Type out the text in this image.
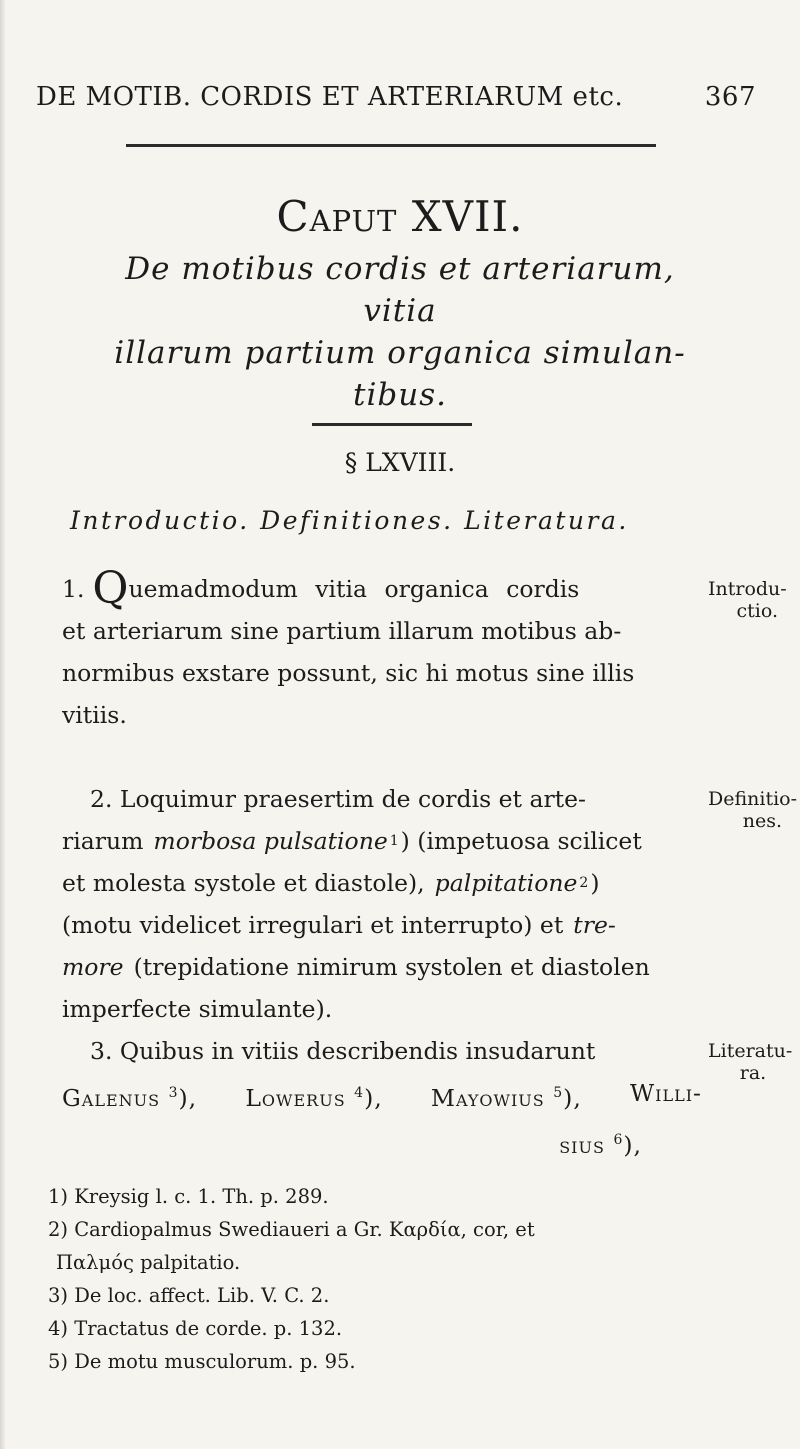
DE MOTIB. CORDIS ET ARTERIARUM etc.	367
Caput XVII.
De motibus cordis et arteriarum, vitia
illarum partium organica simulan-
tibus.
§ LXVIII.
Introductio. Definitiones. Literatura.
1. Quemadmodum vitia organica cordis
et arteriarum sine partium illarum motibus ab-
normibus exstare possunt, sic hi motus sine illis
vitiis.
Introdu-
ctio.
2. Loquimur praesertim de cordis et arte-
riarum morbosa pulsatione 1 ) (impetuosa scilicet
et molesta systole et diastole), palpitatione 2 )
(motu videlicet irregulari et interrupto) et tre-
more (trepidatione nimirum systolen et diastolen
imperfecte simulante).
Definitio-
nes.
3. Quibus in vitiis describendis insudarunt
Galenus $^3$), Lowerus $^4$), Mayowius $^5$), Willi-
sius $^6$),
Literatu-
ra.
1) Kreysig l. c. 1. Th. p. 289.
2) Cardiopalmus Swediaueri a Gr. Καρδία, cor, et
Παλμός palpitatio.
3) De loc. affect. Lib. V. C. 2.
4) Tractatus de corde. p. 132.
5) De motu musculorum. p. 95.
